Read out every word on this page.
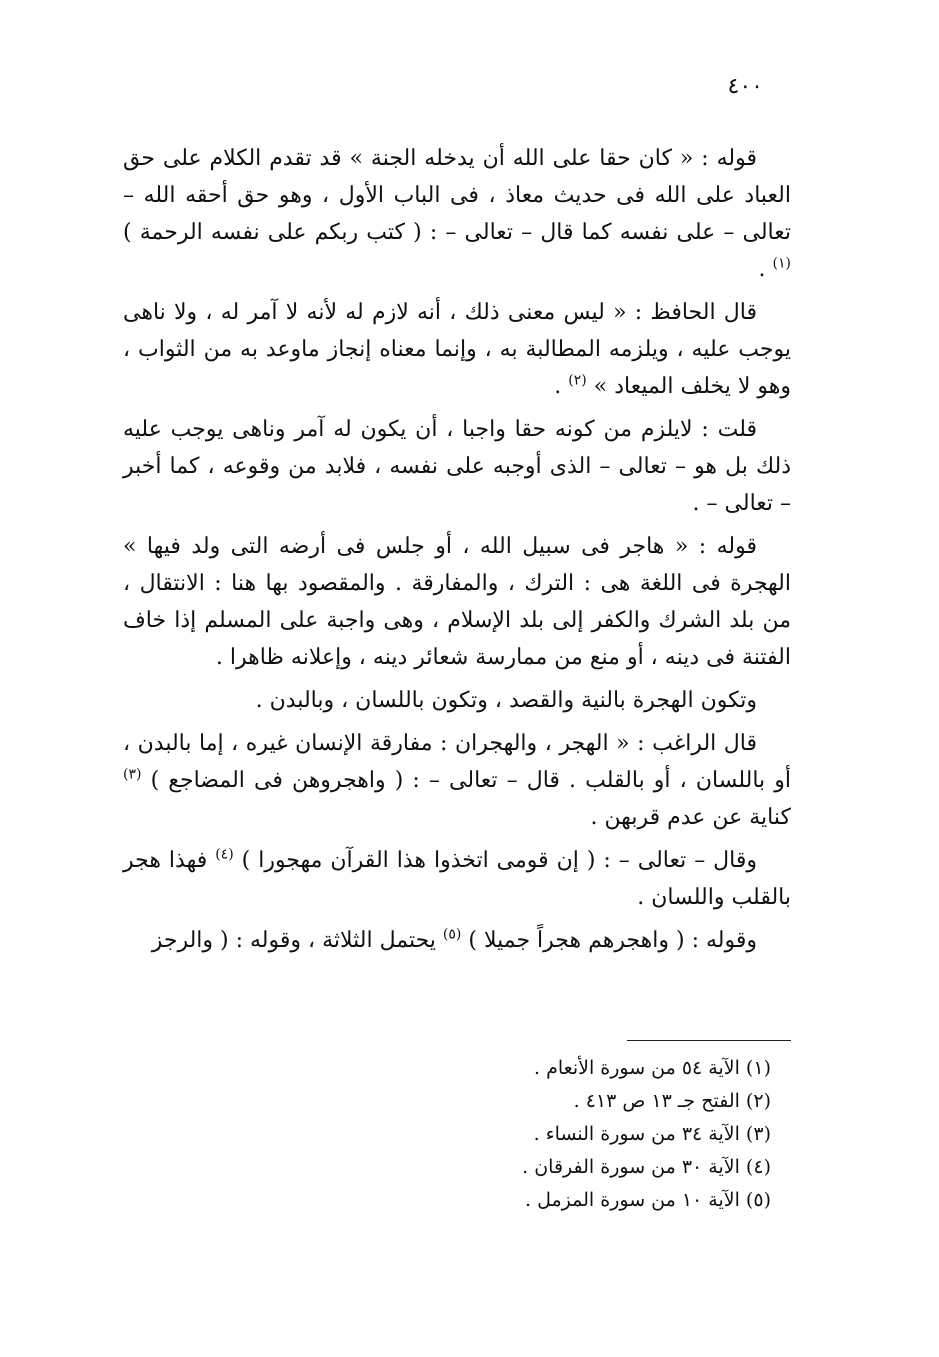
٤٠٠

قوله : « كان حقا على الله أن يدخله الجنة » قد تقدم الكلام على حق العباد على الله فى حديث معاذ ، فى الباب الأول ، وهو حق أحقه الله – تعالى – على نفسه كما قال – تعالى – : ( كتب ربكم على نفسه الرحمة ) $^{(١)}$ .

قال الحافظ : « ليس معنى ذلك ، أنه لازم له لأنه لا آمر له ، ولا ناهى يوجب عليه ، ويلزمه المطالبة به ، وإنما معناه إنجاز ماوعد به من الثواب ، وهو لا يخلف الميعاد » $^{(٢)}$ .

قلت : لايلزم من كونه حقا واجبا ، أن يكون له آمر وناهى يوجب عليه ذلك بل هو – تعالى – الذى أوجبه على نفسه ، فلابد من وقوعه ، كما أخبر – تعالى – .

قوله : « هاجر فى سبيل الله ، أو جلس فى أرضه التى ولد فيها » الهجرة فى اللغة هى : الترك ، والمفارقة . والمقصود بها هنا : الانتقال ، من بلد الشرك والكفر إلى بلد الإسلام ، وهى واجبة على المسلم إذا خاف الفتنة فى دينه ، أو منع من ممارسة شعائر دينه ، وإعلانه ظاهرا .

وتكون الهجرة بالنية والقصد ، وتكون باللسان ، وبالبدن .

قال الراغب : « الهجر ، والهجران : مفارقة الإنسان غيره ، إما بالبدن ، أو باللسان ، أو بالقلب . قال – تعالى – : ( واهجروهن فى المضاجع ) $^{(٣)}$ كناية عن عدم قربهن .

وقال – تعالى – : ( إن قومى اتخذوا هذا القرآن مهجورا ) $^{(٤)}$ فهذا هجر بالقلب واللسان .

وقوله : ( واهجرهم هجراً جميلا ) $^{(٥)}$ يحتمل الثلاثة ، وقوله : ( والرجز

(١) الآية ٥٤ من سورة الأنعام .

(٢) الفتح جـ ١٣ ص ٤١٣ .

(٣) الآية ٣٤ من سورة النساء .

(٤) الآية ٣٠ من سورة الفرقان .

(٥) الآية ١٠ من سورة المزمل .
